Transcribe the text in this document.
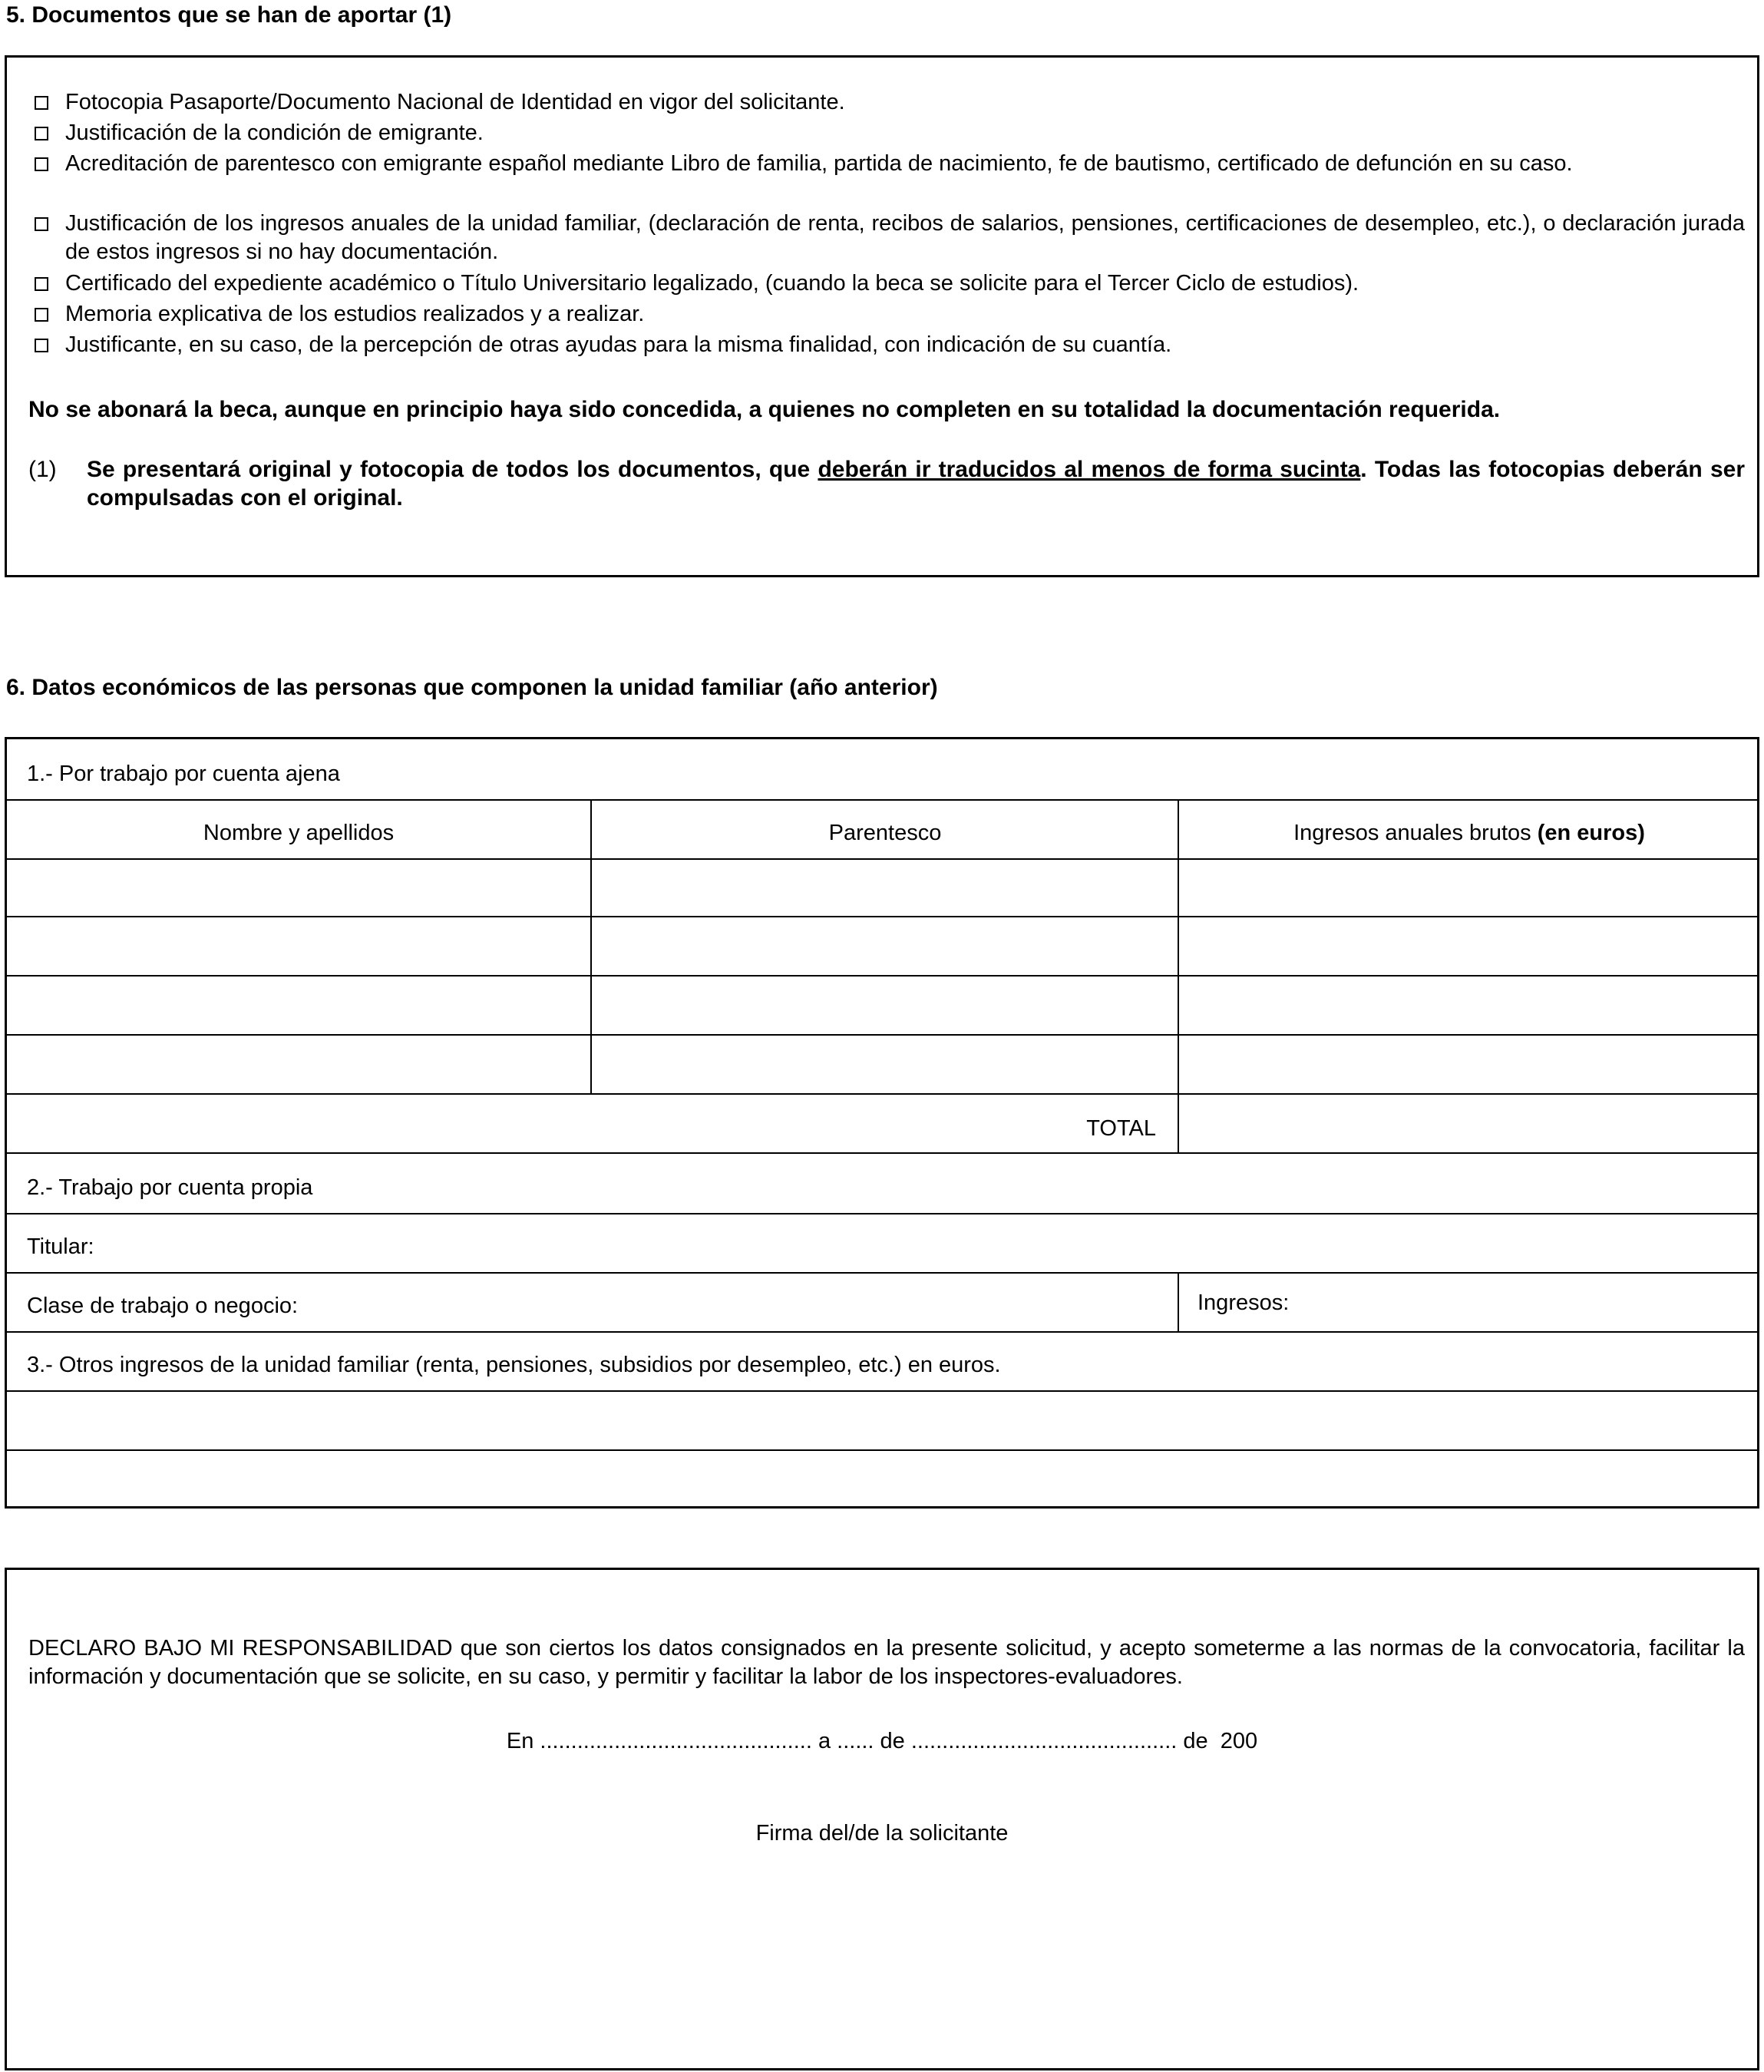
5. Documentos que se han de aportar (1)
Fotocopia Pasaporte/Documento Nacional de Identidad en vigor del solicitante.
Justificación de la condición de emigrante.
Acreditación de parentesco con emigrante español mediante Libro de familia, partida de nacimiento, fe de bautismo, certificado de defunción en su caso.
Justificación de los ingresos anuales de la unidad familiar, (declaración de renta, recibos de salarios, pensiones, certificaciones de desempleo, etc.), o declaración jurada de estos ingresos si no hay documentación.
Certificado del expediente académico o Título Universitario legalizado, (cuando la beca se solicite para el Tercer Ciclo de estudios).
Memoria explicativa de los estudios realizados y a realizar.
Justificante, en su caso, de la percepción de otras ayudas para la misma finalidad, con indicación de su cuantía.
No se abonará la beca, aunque en principio haya sido concedida, a quienes no completen en su totalidad la documentación requerida.
(1) Se presentará original y fotocopia de todos los documentos, que deberán ir traducidos al menos de forma sucinta. Todas las fotocopias deberán ser compulsadas con el original.
6. Datos económicos de las personas que componen la unidad familiar (año anterior)
1.- Por trabajo por cuenta ajena
Nombre y apellidos	Parentesco	Ingresos anuales brutos (en euros)
TOTAL
2.- Trabajo por cuenta propia
Titular:
Clase de trabajo o negocio:	Ingresos:
3.- Otros ingresos de la unidad familiar (renta, pensiones, subsidios por desempleo, etc.) en euros.
DECLARO BAJO MI RESPONSABILIDAD que son ciertos los datos consignados en la presente solicitud, y acepto someterme a las normas de la convocatoria, facilitar la información y documentación que se solicite, en su caso, y permitir y facilitar la labor de los inspectores-evaluadores.
En ............................................ a ...... de ........................................... de  200
Firma del/de la solicitante
